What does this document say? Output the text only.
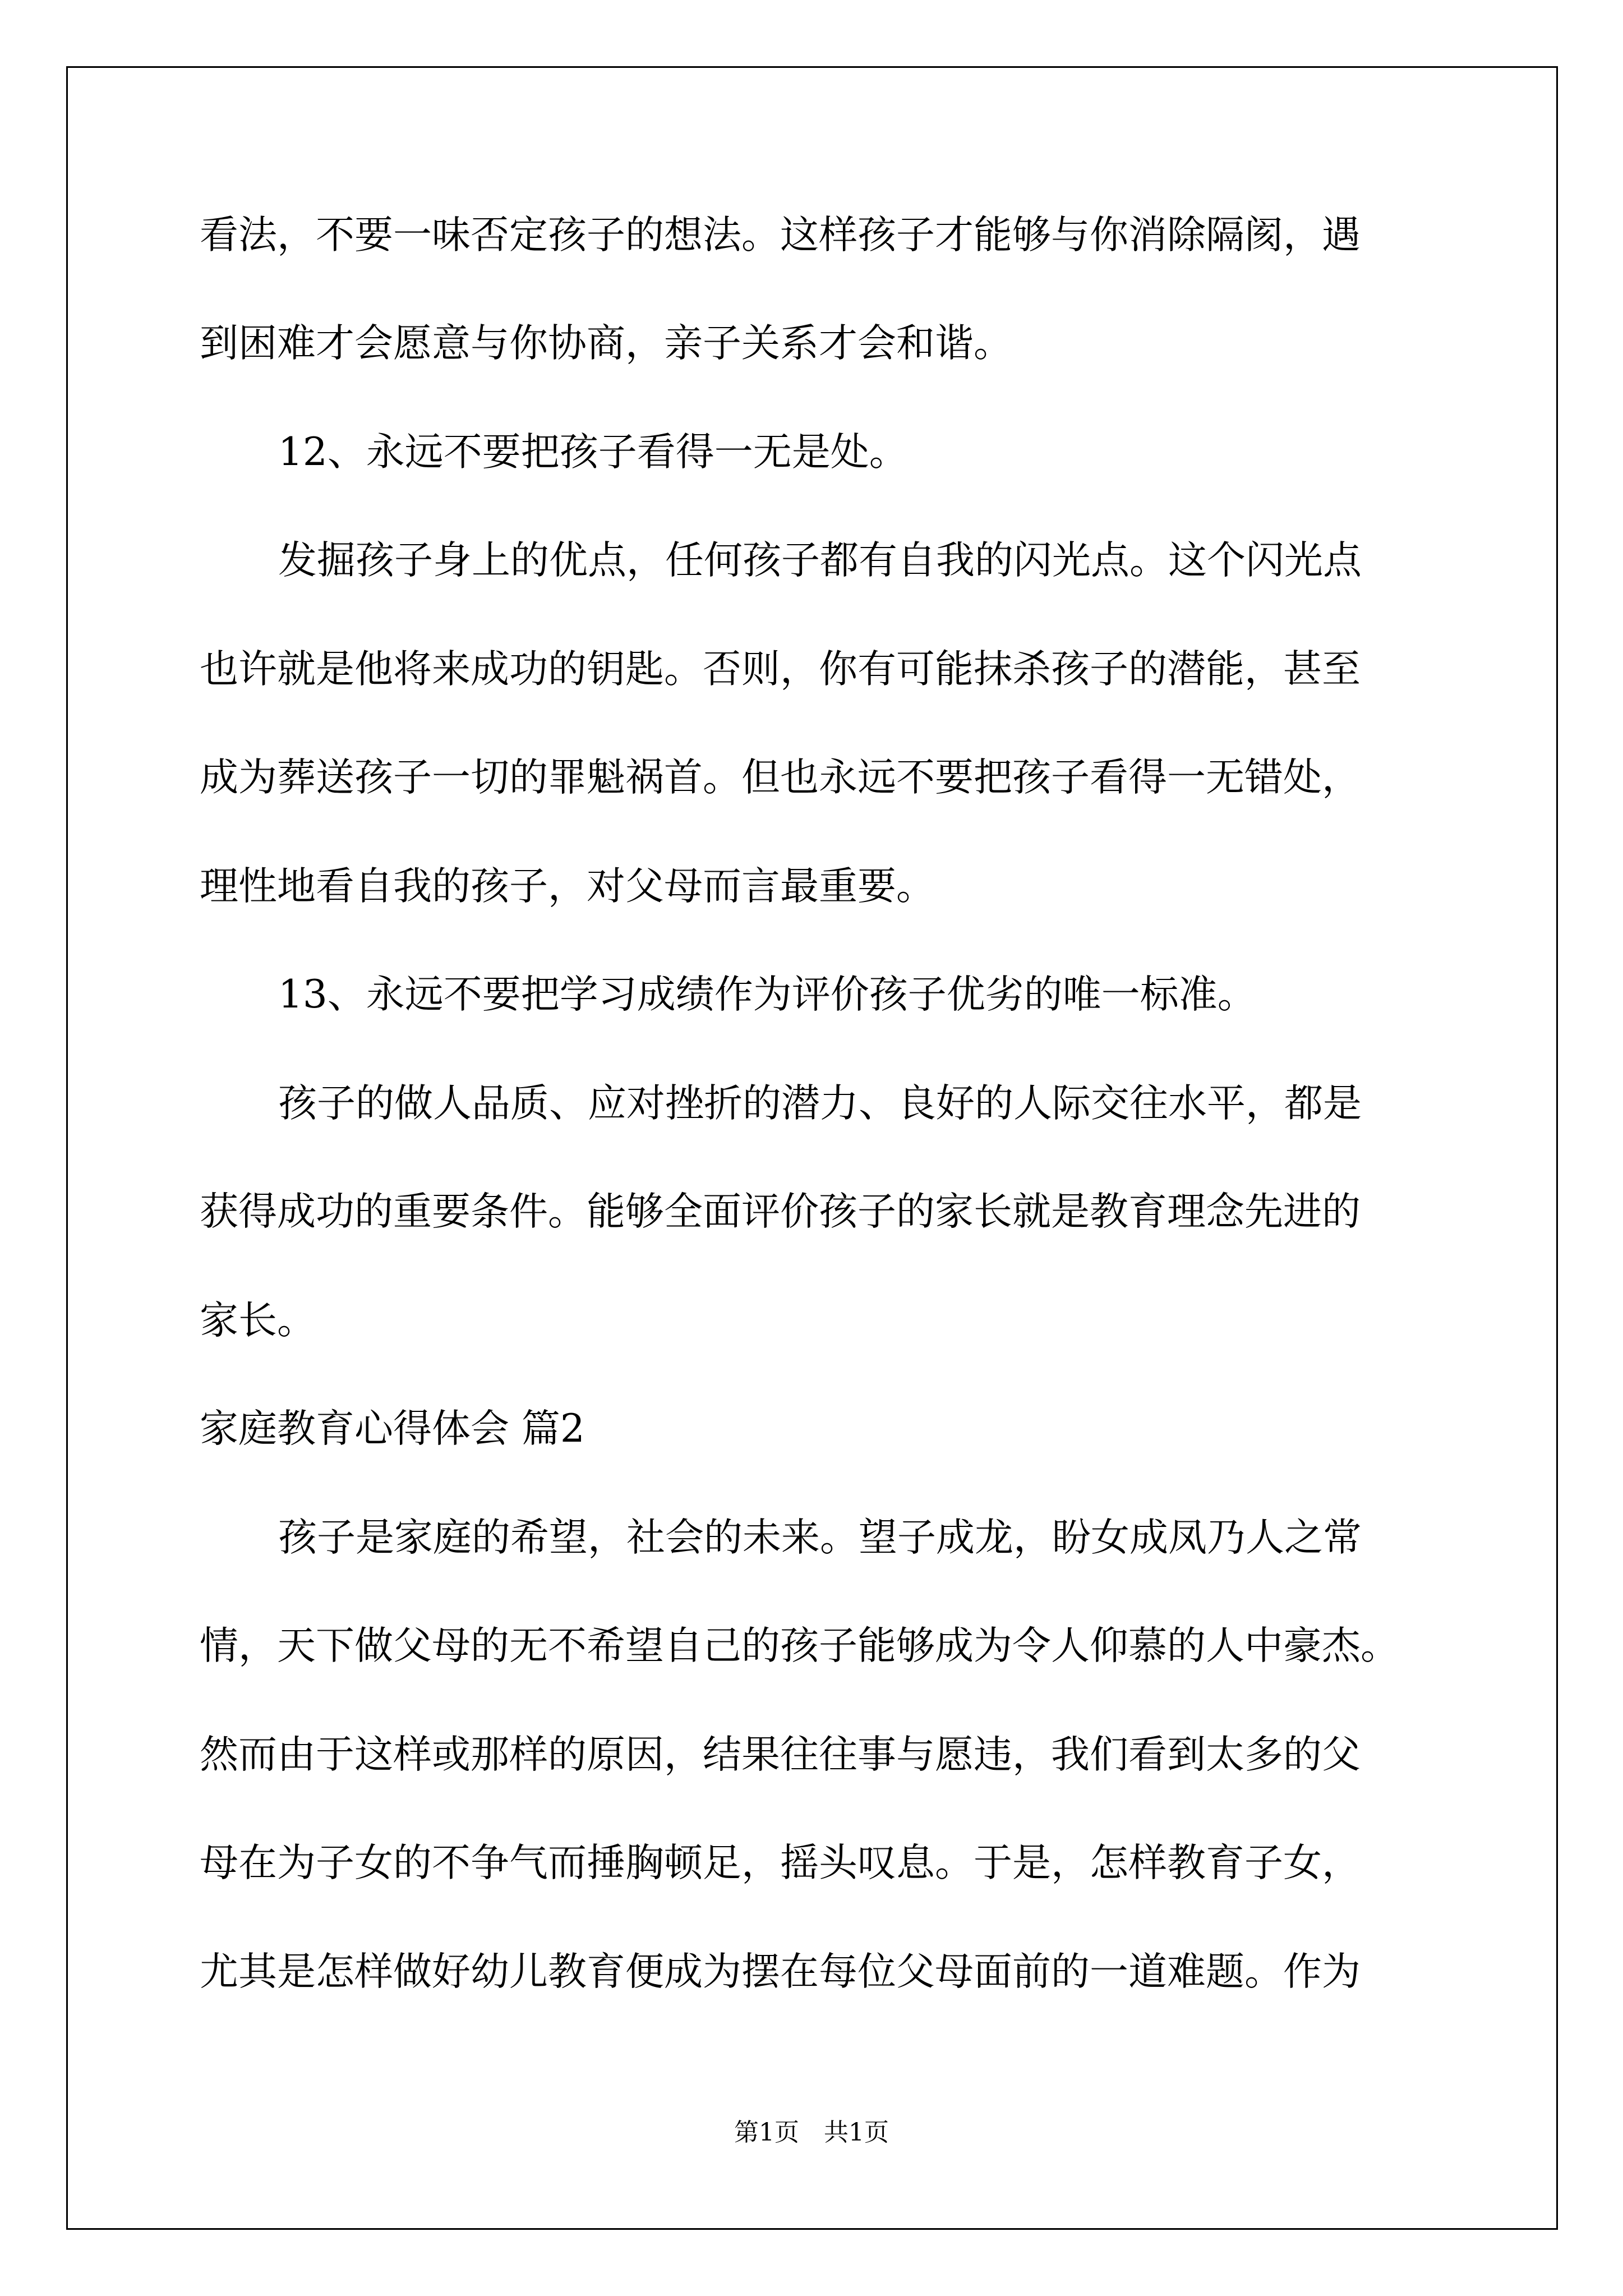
看法，不要一味否定孩子的想法。这样孩子才能够与你消除隔阂，遇
到困难才会愿意与你协商，亲子关系才会和谐。
12、永远不要把孩子看得一无是处。
发掘孩子身上的优点，任何孩子都有自我的闪光点。这个闪光点
也许就是他将来成功的钥匙。否则，你有可能抹杀孩子的潜能，甚至
成为葬送孩子一切的罪魁祸首。但也永远不要把孩子看得一无错处，
理性地看自我的孩子，对父母而言最重要。
13、永远不要把学习成绩作为评价孩子优劣的唯一标准。
孩子的做人品质、应对挫折的潜力、良好的人际交往水平，都是
获得成功的重要条件。能够全面评价孩子的家长就是教育理念先进的
家长。
家庭教育心得体会 篇2
孩子是家庭的希望，社会的未来。望子成龙，盼女成凤乃人之常
情，天下做父母的无不希望自己的孩子能够成为令人仰慕的人中豪杰。
然而由于这样或那样的原因，结果往往事与愿违，我们看到太多的父
母在为子女的不争气而捶胸顿足，摇头叹息。于是，怎样教育子女，
尤其是怎样做好幼儿教育便成为摆在每位父母面前的一道难题。作为
第1页　共1页
